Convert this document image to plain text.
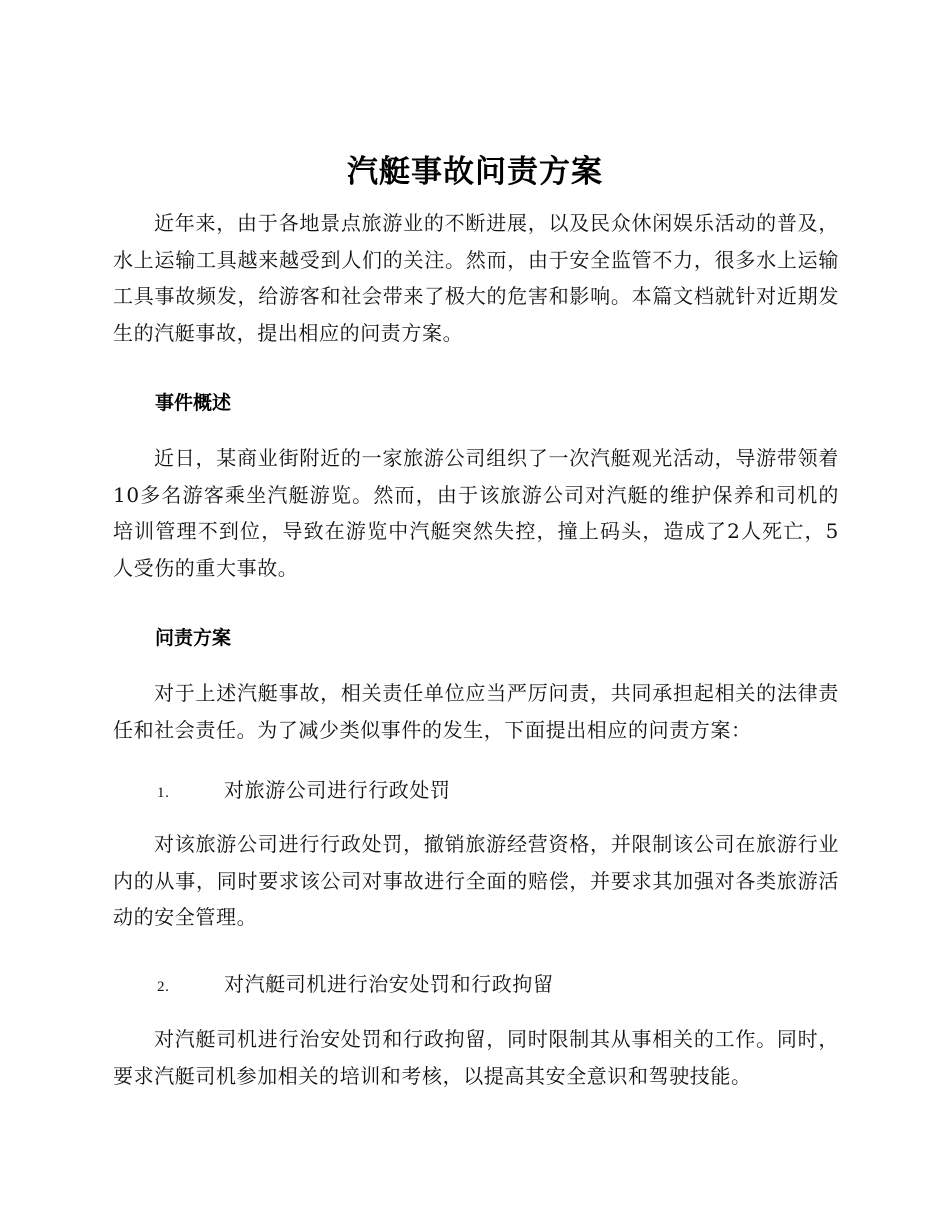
汽艇事故问责方案

近年来，由于各地景点旅游业的不断进展，以及民众休闲娱乐活动的普及，水上运输工具越来越受到人们的关注。然而，由于安全监管不力，很多水上运输工具事故频发，给游客和社会带来了极大的危害和影响。本篇文档就针对近期发生的汽艇事故，提出相应的问责方案。

事件概述

近日，某商业街附近的一家旅游公司组织了一次汽艇观光活动，导游带领着10多名游客乘坐汽艇游览。然而，由于该旅游公司对汽艇的维护保养和司机的培训管理不到位，导致在游览中汽艇突然失控，撞上码头，造成了2人死亡，5人受伤的重大事故。

问责方案

对于上述汽艇事故，相关责任单位应当严厉问责，共同承担起相关的法律责任和社会责任。为了减少类似事件的发生，下面提出相应的问责方案：

1.	对旅游公司进行行政处罚

对该旅游公司进行行政处罚，撤销旅游经营资格，并限制该公司在旅游行业内的从事，同时要求该公司对事故进行全面的赔偿，并要求其加强对各类旅游活动的安全管理。

2.	对汽艇司机进行治安处罚和行政拘留

对汽艇司机进行治安处罚和行政拘留，同时限制其从事相关的工作。同时，要求汽艇司机参加相关的培训和考核，以提高其安全意识和驾驶技能。
